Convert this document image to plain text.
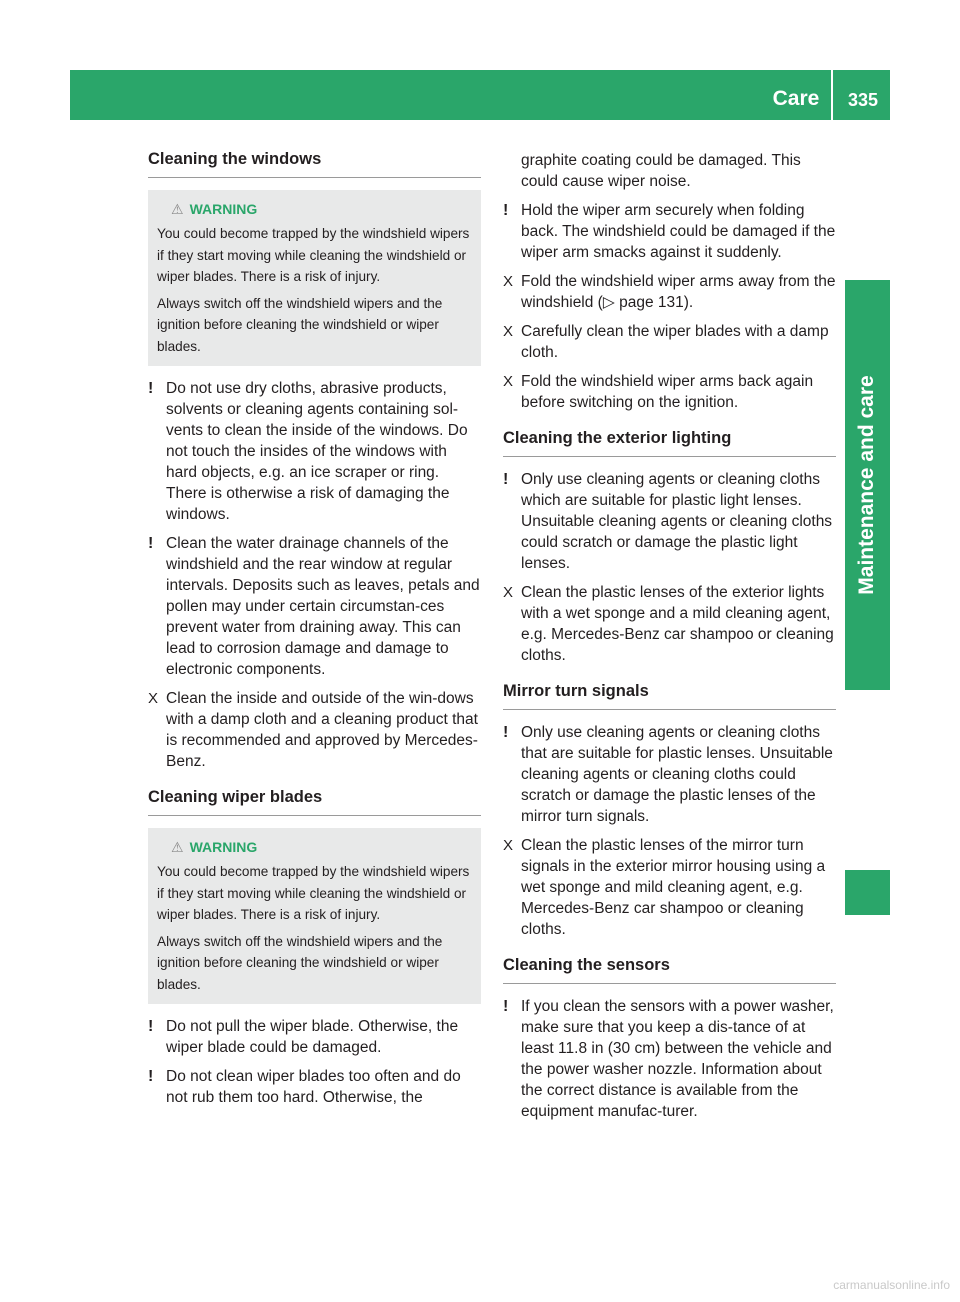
Care	335
Maintenance and care
Cleaning the windows
⚠ WARNING

You could become trapped by the windshield wipers if they start moving while cleaning the windshield or wiper blades. There is a risk of injury.

Always switch off the windshield wipers and the ignition before cleaning the windshield or wiper blades.

! Do not use dry cloths, abrasive products, solvents or cleaning agents containing sol-vents to clean the inside of the windows. Do not touch the insides of the windows with hard objects, e.g. an ice scraper or ring. There is otherwise a risk of damaging the windows.

! Clean the water drainage channels of the windshield and the rear window at regular intervals. Deposits such as leaves, petals and pollen may under certain circumstan-ces prevent water from draining away. This can lead to corrosion damage and damage to electronic components.

X Clean the inside and outside of the win-dows with a damp cloth and a cleaning product that is recommended and approved by Mercedes-Benz.

Cleaning wiper blades
⚠ WARNING

You could become trapped by the windshield wipers if they start moving while cleaning the windshield or wiper blades. There is a risk of injury.

Always switch off the windshield wipers and the ignition before cleaning the windshield or wiper blades.

! Do not pull the wiper blade. Otherwise, the wiper blade could be damaged.

! Do not clean wiper blades too often and do not rub them too hard. Otherwise, the

graphite coating could be damaged. This could cause wiper noise.

! Hold the wiper arm securely when folding back. The windshield could be damaged if the wiper arm smacks against it suddenly.

X Fold the windshield wiper arms away from the windshield (▷ page 131).

X Carefully clean the wiper blades with a damp cloth.

X Fold the windshield wiper arms back again before switching on the ignition.

Cleaning the exterior lighting

! Only use cleaning agents or cleaning cloths which are suitable for plastic light lenses. Unsuitable cleaning agents or cleaning cloths could scratch or damage the plastic light lenses.

X Clean the plastic lenses of the exterior lights with a wet sponge and a mild cleaning agent, e.g. Mercedes-Benz car shampoo or cleaning cloths.

Mirror turn signals

! Only use cleaning agents or cleaning cloths that are suitable for plastic lenses. Unsuitable cleaning agents or cleaning cloths could scratch or damage the plastic lenses of the mirror turn signals.

X Clean the plastic lenses of the mirror turn signals in the exterior mirror housing using a wet sponge and mild cleaning agent, e.g. Mercedes-Benz car shampoo or cleaning cloths.

Cleaning the sensors

! If you clean the sensors with a power washer, make sure that you keep a dis-tance of at least 11.8 in (30 cm) between the vehicle and the power washer nozzle. Information about the correct distance is available from the equipment manufac-turer.

carmanualsonline.info
